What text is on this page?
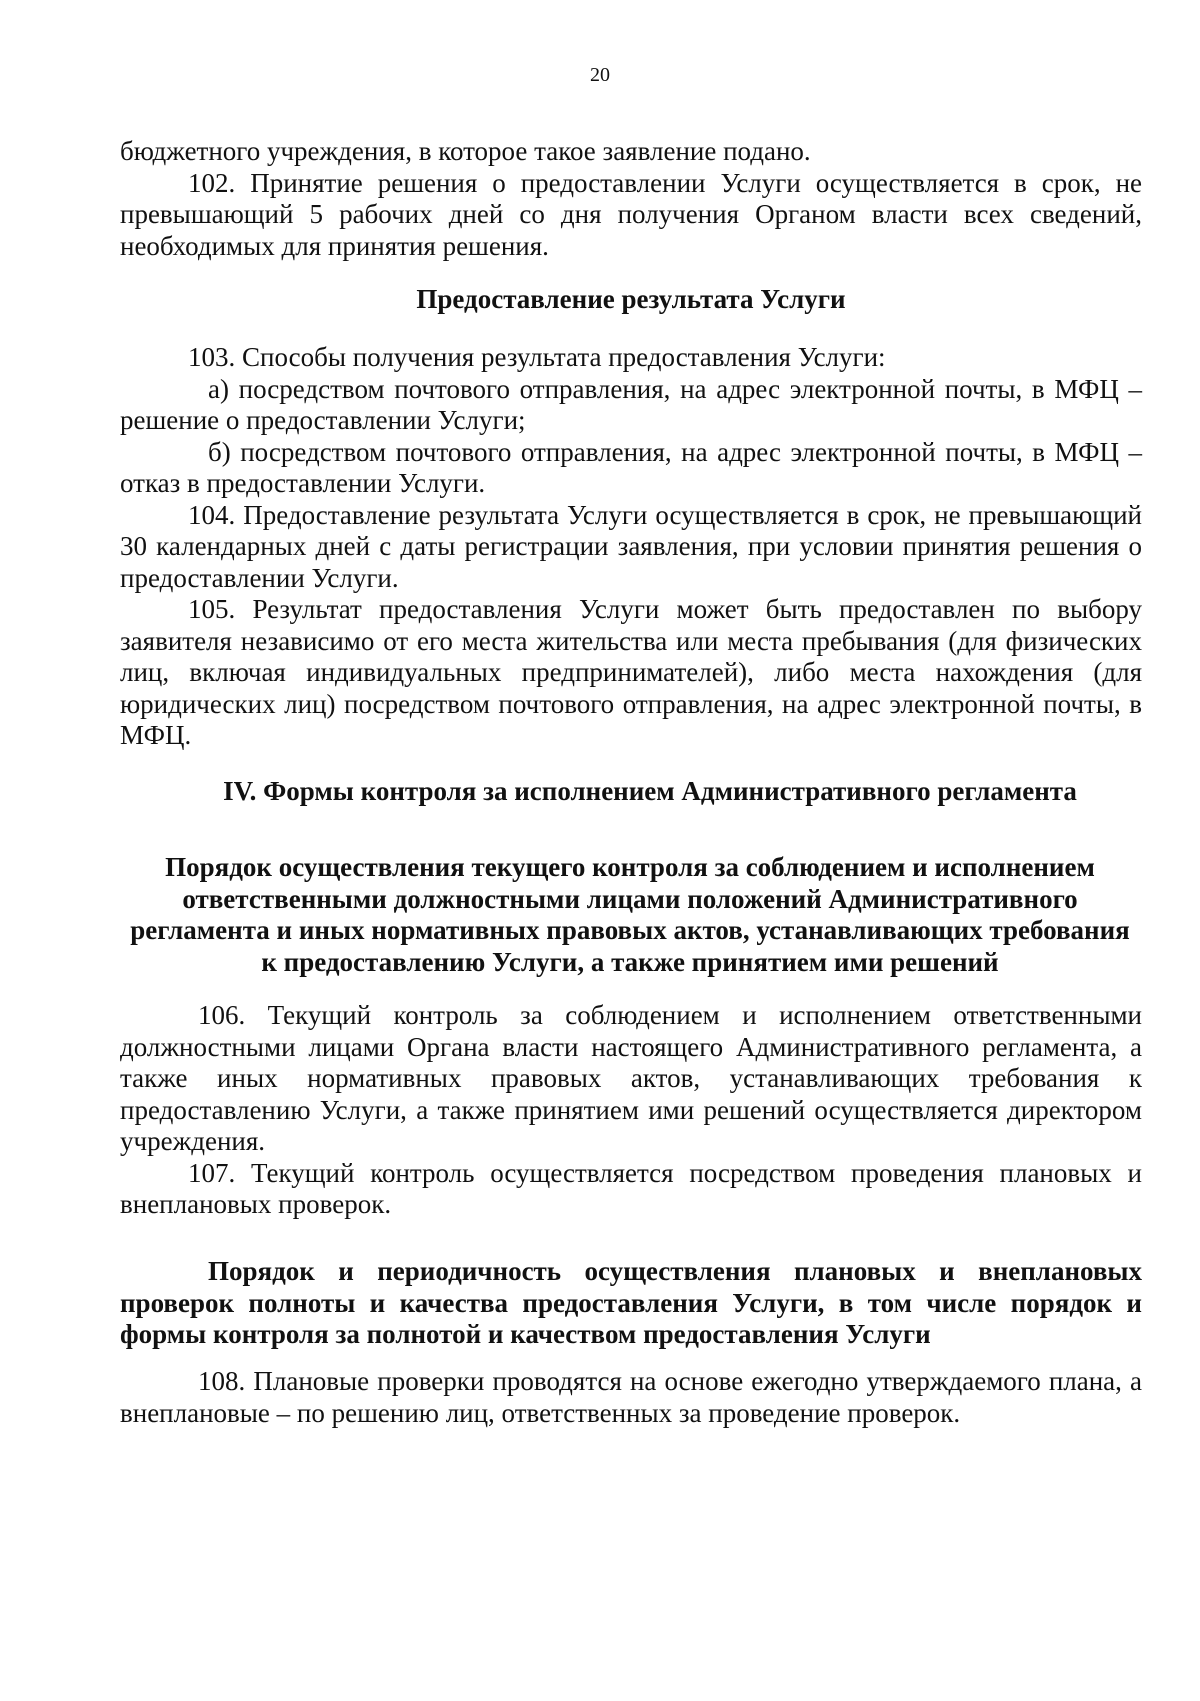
20

бюджетного учреждения, в которое такое заявление подано.

102. Принятие решения о предоставлении Услуги осуществляется в срок, не превышающий 5 рабочих дней со дня получения Органом власти всех сведений, необходимых для принятия решения.

Предоставление результата Услуги

103. Способы получения результата предоставления Услуги:

а) посредством почтового отправления, на адрес электронной почты, в МФЦ – решение о предоставлении Услуги;

б) посредством почтового отправления, на адрес электронной почты, в МФЦ – отказ в предоставлении Услуги.

104. Предоставление результата Услуги осуществляется в срок, не превышающий 30 календарных дней с даты регистрации заявления, при условии принятия решения о предоставлении Услуги.

105. Результат предоставления Услуги может быть предоставлен по выбору заявителя независимо от его места жительства или места пребывания (для физических лиц, включая индивидуальных предпринимателей), либо места нахождения (для юридических лиц) посредством почтового отправления, на адрес электронной почты, в МФЦ.

IV. Формы контроля за исполнением Административного регламента
Порядок осуществления текущего контроля за соблюдением и исполнением ответственными должностными лицами положений Административного регламента и иных нормативных правовых актов, устанавливающих требования к предоставлению Услуги, а также принятием ими решений

106. Текущий контроль за соблюдением и исполнением ответственными должностными лицами Органа власти настоящего Административного регламента, а также иных нормативных правовых актов, устанавливающих требования к предоставлению Услуги, а также принятием ими решений осуществляется директором учреждения.

107. Текущий контроль осуществляется посредством проведения плановых и внеплановых проверок.

Порядок и периодичность осуществления плановых и внеплановых проверок полноты и качества предоставления Услуги, в том числе порядок и формы контроля за полнотой и качеством предоставления Услуги

108. Плановые проверки проводятся на основе ежегодно утверждаемого плана, а внеплановые – по решению лиц, ответственных за проведение проверок.
